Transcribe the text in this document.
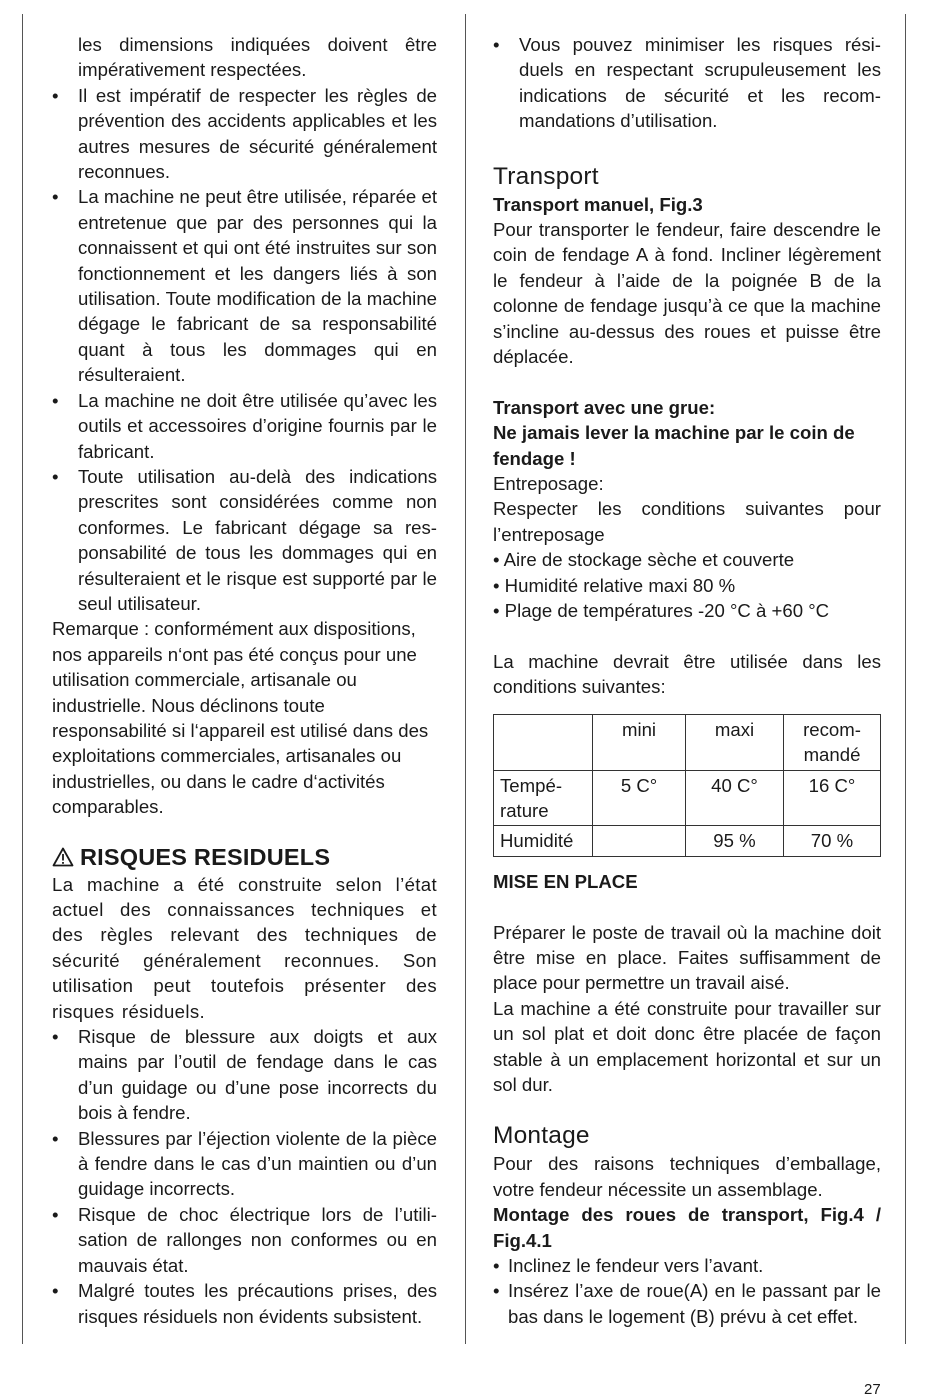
les dimensions indiquées doivent être impérativement respectées.

•	Il est impératif de respecter les règles de prévention des accidents applicables et les autres mesures de sécurité généralement reconnues.
•	La machine ne peut être utilisée, réparée et entretenue que par des personnes qui la connaissent et qui ont été instruites sur son fonctionnement et les dangers liés à son utilisation. Toute modification de la machine dégage le fabricant de sa responsabilité quant à tous les dommages qui en résulteraient.
•	La machine ne doit être utilisée qu’avec les outils et accessoires d’origine fournis par le fabricant.
•	Toute utilisation au-delà des indications prescrites sont considérées comme non conformes. Le fabricant dégage sa responsabilité de tous les dommages qui en résulteraient et le risque est supporté par le seul utilisateur.

Remarque : conformément aux dispositions, nos appareils n‘ont pas été conçus pour une utilisation commerciale, artisanale ou industrielle. Nous déclinons toute responsabilité si l‘appareil est utilisé dans des exploitations commerciales, artisanales ou industrielles, ou dans le cadre d‘activités comparables.

RISQUES RESIDUELS

La machine a été construite selon l’état actuel des connaissances techniques et des règles relevant des techniques de sécurité généralement reconnues. Son utilisation peut toutefois présenter des risques résiduels.

•	Risque de blessure aux doigts et aux mains par l’outil de fendage dans le cas d’un guidage ou d’une pose incorrects du bois à fendre.
•	Blessures par l’éjection violente de la pièce à fendre dans le cas d’un maintien ou d’un guidage incorrects.
•	Risque de choc électrique lors de l’utilisation de rallonges non conformes ou en mauvais état.
•	Malgré toutes les précautions prises, des risques résiduels non évidents subsistent.
•	Vous pouvez minimiser les risques résiduels en respectant scrupuleusement les indications de sécurité et les recommandations d’utilisation.
Transport

Transport manuel, Fig.3

Pour transporter le fendeur, faire descendre le coin de fendage A à fond. Incliner légèrement le fendeur à l’aide de la poignée B de la colonne de fendage jusqu’à ce que la machine s’incline au-dessus des roues et puisse être déplacée.

Transport avec une grue:

Ne jamais lever la machine par le coin de fendage !

Entreposage:

Respecter les conditions suivantes pour l’entreposage

• Aire de stockage sèche et couverte

• Humidité relative maxi 80 %

• Plage de températures -20 °C à +60 °C

La machine devrait être utilisée dans les conditions suivantes:

	mini	maxi	recommandé
Température	5 C°	40 C°	16 C°
Humidité		95 %	70 %

MISE EN PLACE

Préparer le poste de travail où la machine doit être mise en place. Faites suffisamment de place pour permettre un travail aisé.

La machine a été construite pour travailler sur un sol plat et doit donc être placée de façon stable à un emplacement horizontal et sur un sol dur.

Montage

Pour des raisons techniques d’emballage, votre fendeur nécessite un assemblage.

Montage des roues de transport, Fig.4 / Fig.4.1

• Inclinez le fendeur vers l’avant.
• Insérez l’axe de roue(A) en le passant par le bas dans le logement (B) prévu à cet effet.
27
